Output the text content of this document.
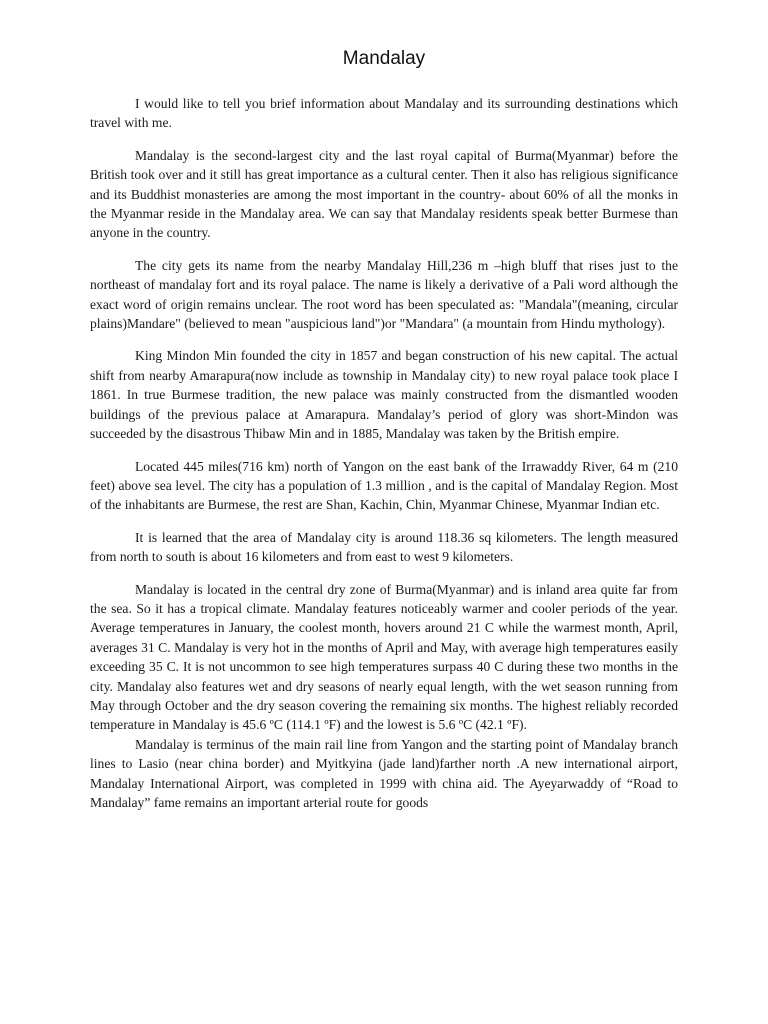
Mandalay

I would like to tell you brief information about Mandalay and its surrounding destinations which travel with me.

Mandalay is the second-largest city and the last royal capital of Burma(Myanmar) before the British took over and it still has great importance as a cultural center. Then it also has religious significance and its Buddhist monasteries are among the most important in the country- about 60% of all the monks in the Myanmar reside in the Mandalay area. We can say that Mandalay residents speak better Burmese than anyone in the country.

The city gets its name from the nearby Mandalay Hill,236 m –high bluff that rises just to the northeast of mandalay fort and its royal palace. The name is likely a derivative of a Pali word although the exact word of origin remains unclear. The root word has been speculated as: "Mandala"(meaning, circular plains)Mandare" (believed to mean "auspicious land")or "Mandara" (a mountain from Hindu mythology).

King Mindon Min founded the city in 1857 and began construction of his new capital. The actual shift from nearby Amarapura(now include as township in Mandalay city) to new royal palace took place I 1861. In true Burmese tradition, the new palace was mainly constructed from the dismantled wooden buildings of the previous palace at Amarapura. Mandalay’s period of glory was short-Mindon was succeeded by the disastrous Thibaw Min and in 1885, Mandalay was taken by the British empire.

Located 445 miles(716 km) north of Yangon on the east bank of the Irrawaddy River, 64 m (210 feet) above sea level. The city has a population of 1.3 million , and is the capital of Mandalay Region. Most of the inhabitants are Burmese, the rest are Shan, Kachin, Chin, Myanmar Chinese, Myanmar Indian etc.

It is learned that the area of Mandalay city is around 118.36 sq kilometers. The length measured from north to south is about 16 kilometers and from east to west 9 kilometers.

Mandalay is located in the central dry zone of Burma(Myanmar) and is inland area quite far from the sea. So it has a tropical climate. Mandalay features noticeably warmer and cooler periods of the year. Average temperatures in January, the coolest month, hovers around 21 C while the warmest month, April, averages 31 C. Mandalay is very hot in the months of April and May, with average high temperatures easily exceeding 35 C. It is not uncommon to see high temperatures surpass 40 C during these two months in the city. Mandalay also features wet and dry seasons of nearly equal length, with the wet season running from May through October and the dry season covering the remaining six months. The highest reliably recorded temperature in Mandalay is 45.6 ºC (114.1 ºF) and the lowest is 5.6 ºC (42.1 ºF).

Mandalay is terminus of the main rail line from Yangon and the starting point of Mandalay branch lines to Lasio (near china border) and Myitkyina (jade land)farther north .A new international airport, Mandalay International Airport, was completed in 1999 with china aid. The Ayeyarwaddy of “Road to Mandalay” fame remains an important arterial route for goods
